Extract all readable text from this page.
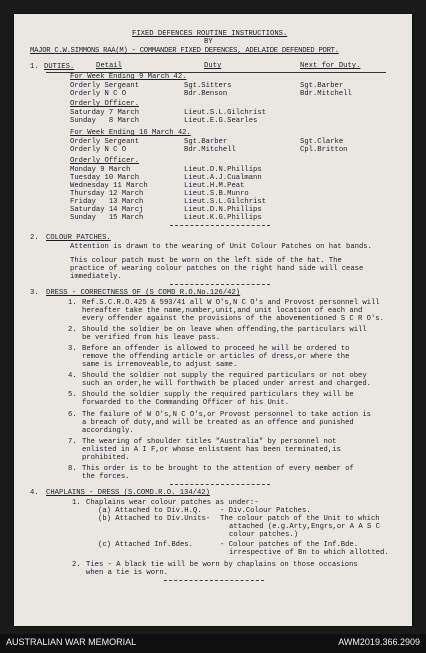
FIXED DEFENCES ROUTINE INSTRUCTIONS.
BY
MAJOR C.W.SIMMONS RAA(M) - COMMANDER FIXED DEFENCES, ADELAIDE DEFENDED PORT.
1. DUTIES.	Detail	Duty	Next for Duty.
For Week Ending 9 March 42.
Orderly Sergeant	Sgt.Sitters	Sgt.Barber
Orderly N C O	Bdr.Benson	Bdr.Mitchell
Orderly Officer.
Saturday 7 March	Lieut.S.L.Gilchrist
Sunday   8 March	Lieut.E.G.Searles
For Week Ending 16 March 42.
Orderly Sergeant	Sgt.Barber	Sgt.Clarke
Orderly N C O	Bdr.Mitchell	Cpl.Britton
Orderly Officer.
Monday 9 March	Lieut.D.N.Phillips
Tuesday 10 March	Lieut.A.J.Cualmann
Wednesday 11 March	Lieut.H.M.Peat
Thursday 12 March	Lieut.S.B.Munro
Friday   13 March	Lieut.S.L.Gilchrist
Saturday 14 Marcj	Lieut.D.N.Phillips
Sunday   15 March	Lieut.K.G.Phillips
2. COLOUR PATCHES.
Attention is drawn to the wearing of Unit Colour Patches on hat bands.
This colour patch must be worn on the left side of the hat. The
practice of wearing colour patches on the right hand side will cease
immediately.
3. DRESS - CORRECTNESS OF (S COMD R.O.No.126/42)
1. Ref.S.C.R.O.425 & 593/41 all W O's,N C O's and Provost personnel will
hereafter take the name,number,unit,and unit location of each and
every offender against the provisions of the abovementioned S C R O's.
2. Should the soldier be on leave when offending,the particulars will
be verified from his leave pass.
3. Before an offender is allowed to proceed he will be ordered to
remove the offending article or articles of dress,or where the
same is irremoveable,to adjust same.
4. Should the soldier not supply the required particulars or not obey
such an order,he will forthwith be placed under arrest and charged.
5. Should the soldier supply the required particulars they will be
forwarded to the Commanding Officer of his Unit.
6. The failure of W O's,N C O's,or Provost personnel to take action is
a breach of duty,and will be treated as an offence and punished
accordingly.
7. The wearing of shoulder titles "Australia" by personnel not
enlisted in A I F,or whose enlistment has been terminated,is
prohibited.
8. This order is to be brought to the attention of every member of
the forces.
4. CHAPLAINS - DRESS (S.COMD.R.O. 134/42)
1. Chaplains wear colour patches as under:-
(a) Attached to Div.H.Q.	- Div.Colour Patches.
(b) Attached to Div.Units- The colour patch of the Unit to which
attached (e.g.Arty,Engrs,or A A S C
colour patches.)
(c) Attached Inf.Bdes.	- Colour patches of the Inf.Bde.
irrespective of Bn to which allotted.
2. Ties - A black tie will be worn by chaplains on those occasions
when a tie is worn.
AUSTRALIAN WAR MEMORIAL	AWM2019.366.2909
